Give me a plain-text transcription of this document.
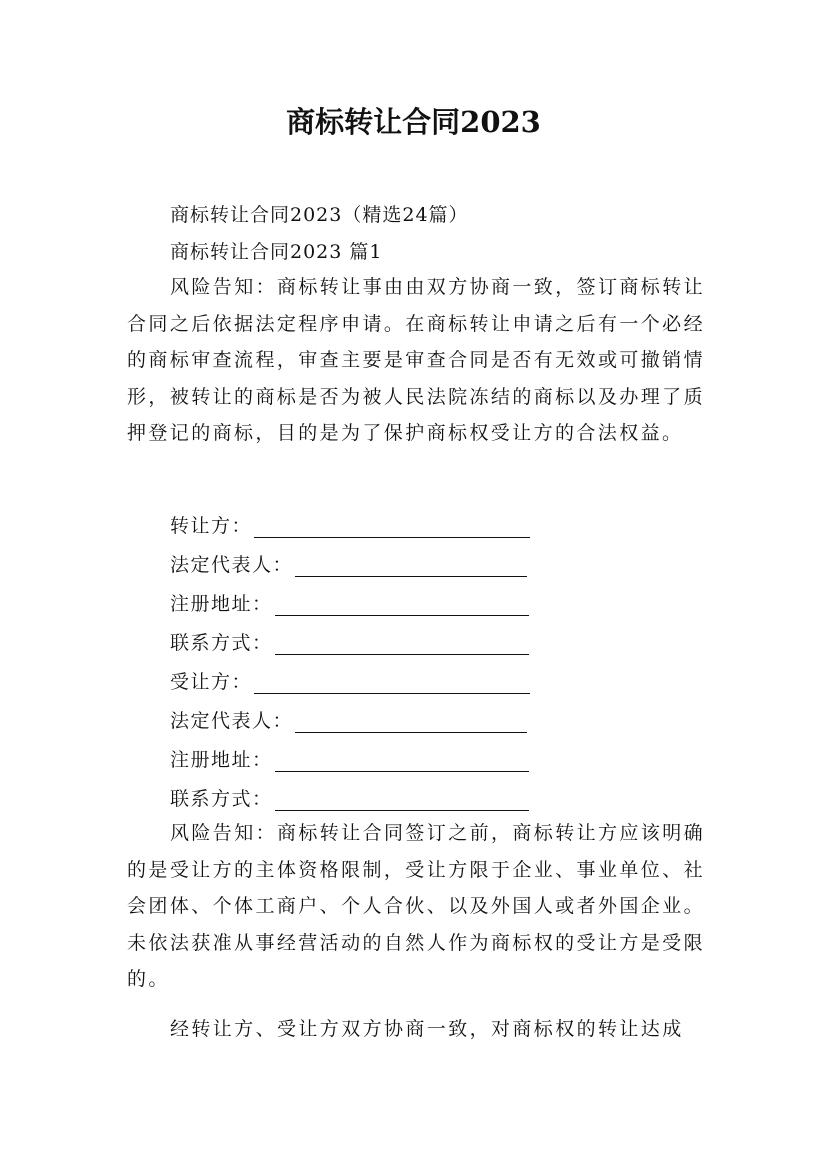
商标转让合同2023
商标转让合同2023（精选24篇）
商标转让合同2023 篇1
风险告知：商标转让事由由双方协商一致，签订商标转让合同之后依据法定程序申请。在商标转让申请之后有一个必经的商标审查流程，审查主要是审查合同是否有无效或可撤销情形，被转让的商标是否为被人民法院冻结的商标以及办理了质押登记的商标，目的是为了保护商标权受让方的合法权益。
转让方：
法定代表人：
注册地址：
联系方式：
受让方：
法定代表人：
注册地址：
联系方式：
风险告知：商标转让合同签订之前，商标转让方应该明确的是受让方的主体资格限制，受让方限于企业、事业单位、社会团体、个体工商户、个人合伙、以及外国人或者外国企业。未依法获准从事经营活动的自然人作为商标权的受让方是受限的。
经转让方、受让方双方协商一致，对商标权的转让达成
